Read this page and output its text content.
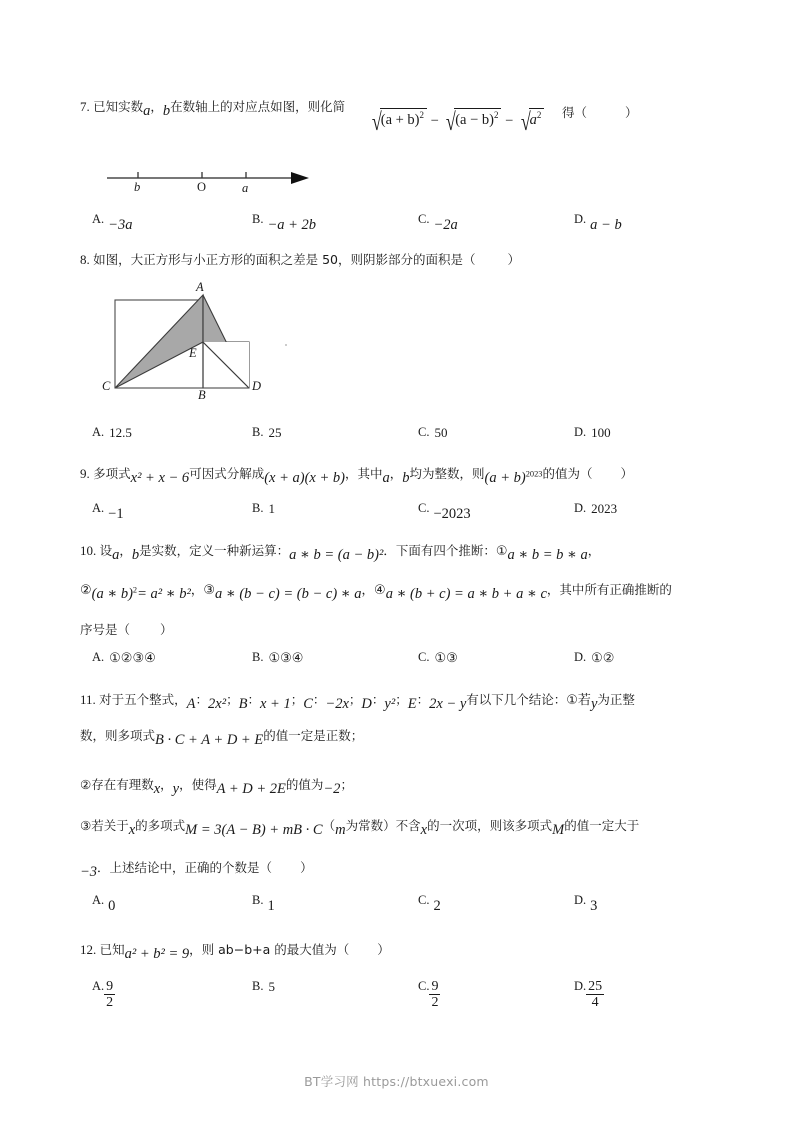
7. 已知实数a，b在数轴上的对应点如图，则化简
$√(a + b)^2 - √(a - b)^2 - √a^2$ 得（	）
b	O	a
$^{A.}$ −3a	$^{B.}$ −a + 2b	$^{C.}$ −2a	$^{D.}$ a − b
8. 如图，大正方形与小正方形的面积之差是 50，则阴影部分的面积是（	）
A
B
C	D
E
$^{A.}$ 12.5	$^{B.}$ 25	$^{C.}$ 50	$^{D.}$ 100
9. 多项式x² + x − 6可因式分解成(x + a)(x + b)，其中a，b均为整数，则$(a + b)^{2023}$的值为（ ）
$^{A.}$ −1	$^{B.}$ 1	$^{C.}$ −2023	$^{D.}$ 2023
10. 设a，b是实数，定义一种新运算：a ∗ b = (a − b)²．下面有四个推断：①a ∗ b = b ∗ a，
②(a ∗ b)$^2$= a² ∗ b²，③a ∗ (b − c) = (b − c) ∗ a，④a ∗ (b + c) = a ∗ b + a ∗ c，其中所有正确推断的
序号是（ ）
$^{A.}$ ①②③④	$^{B.}$ ①③④	$^{C.}$ ①③	$^{D.}$ ①②
11. 对于五个整式，A：2x²；B：x + 1；C：−2x；D：y²；E：2x − y有以下几个结论：①若y为正整
数，则多项式B · C + A + D + E的值一定是正数；
②存在有理数x，y，使得A + D + 2E的值为−2；
③若关于x的多项式M = 3(A − B) + mB · C（m为常数）不含x的一次项，则该多项式M的值一定大于
−3．上述结论中，正确的个数是（ ）
$^{A.}$ 0	$^{B.}$ 1	$^{C.}$ 2	$^{D.}$ 3
12. 已知a² + b² = 9，则 ab−b+a 的最大值为（ ）
$^{A.} \frac{9}{2}$	$^{B.}$ 5	$^{C.} \frac{9}{2}$	$^{D.} \frac{25}{4}$
BT学习网 https://btxuexi.com
